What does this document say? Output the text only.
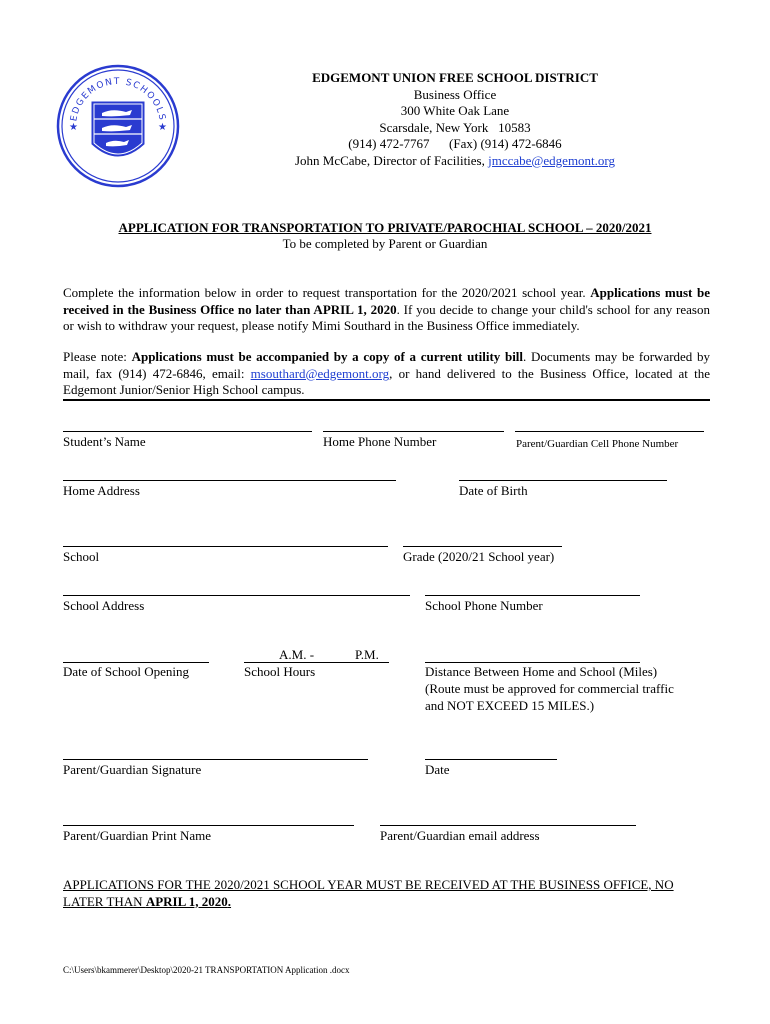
EDGEMONT SCHOOLS
★	★
EDGEMONT UNION FREE SCHOOL DISTRICT
Business Office
300 White Oak Lane
Scarsdale, New York   10583
(914) 472-7767      (Fax) (914) 472-6846
John McCabe, Director of Facilities, jmccabe@edgemont.org
APPLICATION FOR TRANSPORTATION TO PRIVATE/PAROCHIAL SCHOOL – 2020/2021
To be completed by Parent or Guardian
Complete the information below in order to request transportation for the 2020/2021 school year. Applications must be received in the Business Office no later than APRIL 1, 2020. If you decide to change your child's school for any reason or wish to withdraw your request, please notify Mimi Southard in the Business Office immediately.
Please note: Applications must be accompanied by a copy of a current utility bill. Documents may be forwarded by mail, fax (914) 472-6846, email: msouthard@edgemont.org, or hand delivered to the Business Office, located at the Edgemont Junior/Senior High School campus.
Student’s Name	Home Phone Number	Parent/Guardian Cell Phone Number
Home Address	Date of Birth
School	Grade (2020/21 School year)
School Address	School Phone Number
A.M. -	P.M.
Date of School Opening	School Hours	Distance Between Home and School (Miles)
(Route must be approved for commercial traffic
and NOT EXCEED 15 MILES.)
Parent/Guardian Signature	Date
Parent/Guardian Print Name	Parent/Guardian email address
APPLICATIONS FOR THE 2020/2021 SCHOOL YEAR MUST BE RECEIVED AT THE BUSINESS OFFICE, NO LATER THAN APRIL 1, 2020.
C:\Users\bkammerer\Desktop\2020-21 TRANSPORTATION Application .docx
